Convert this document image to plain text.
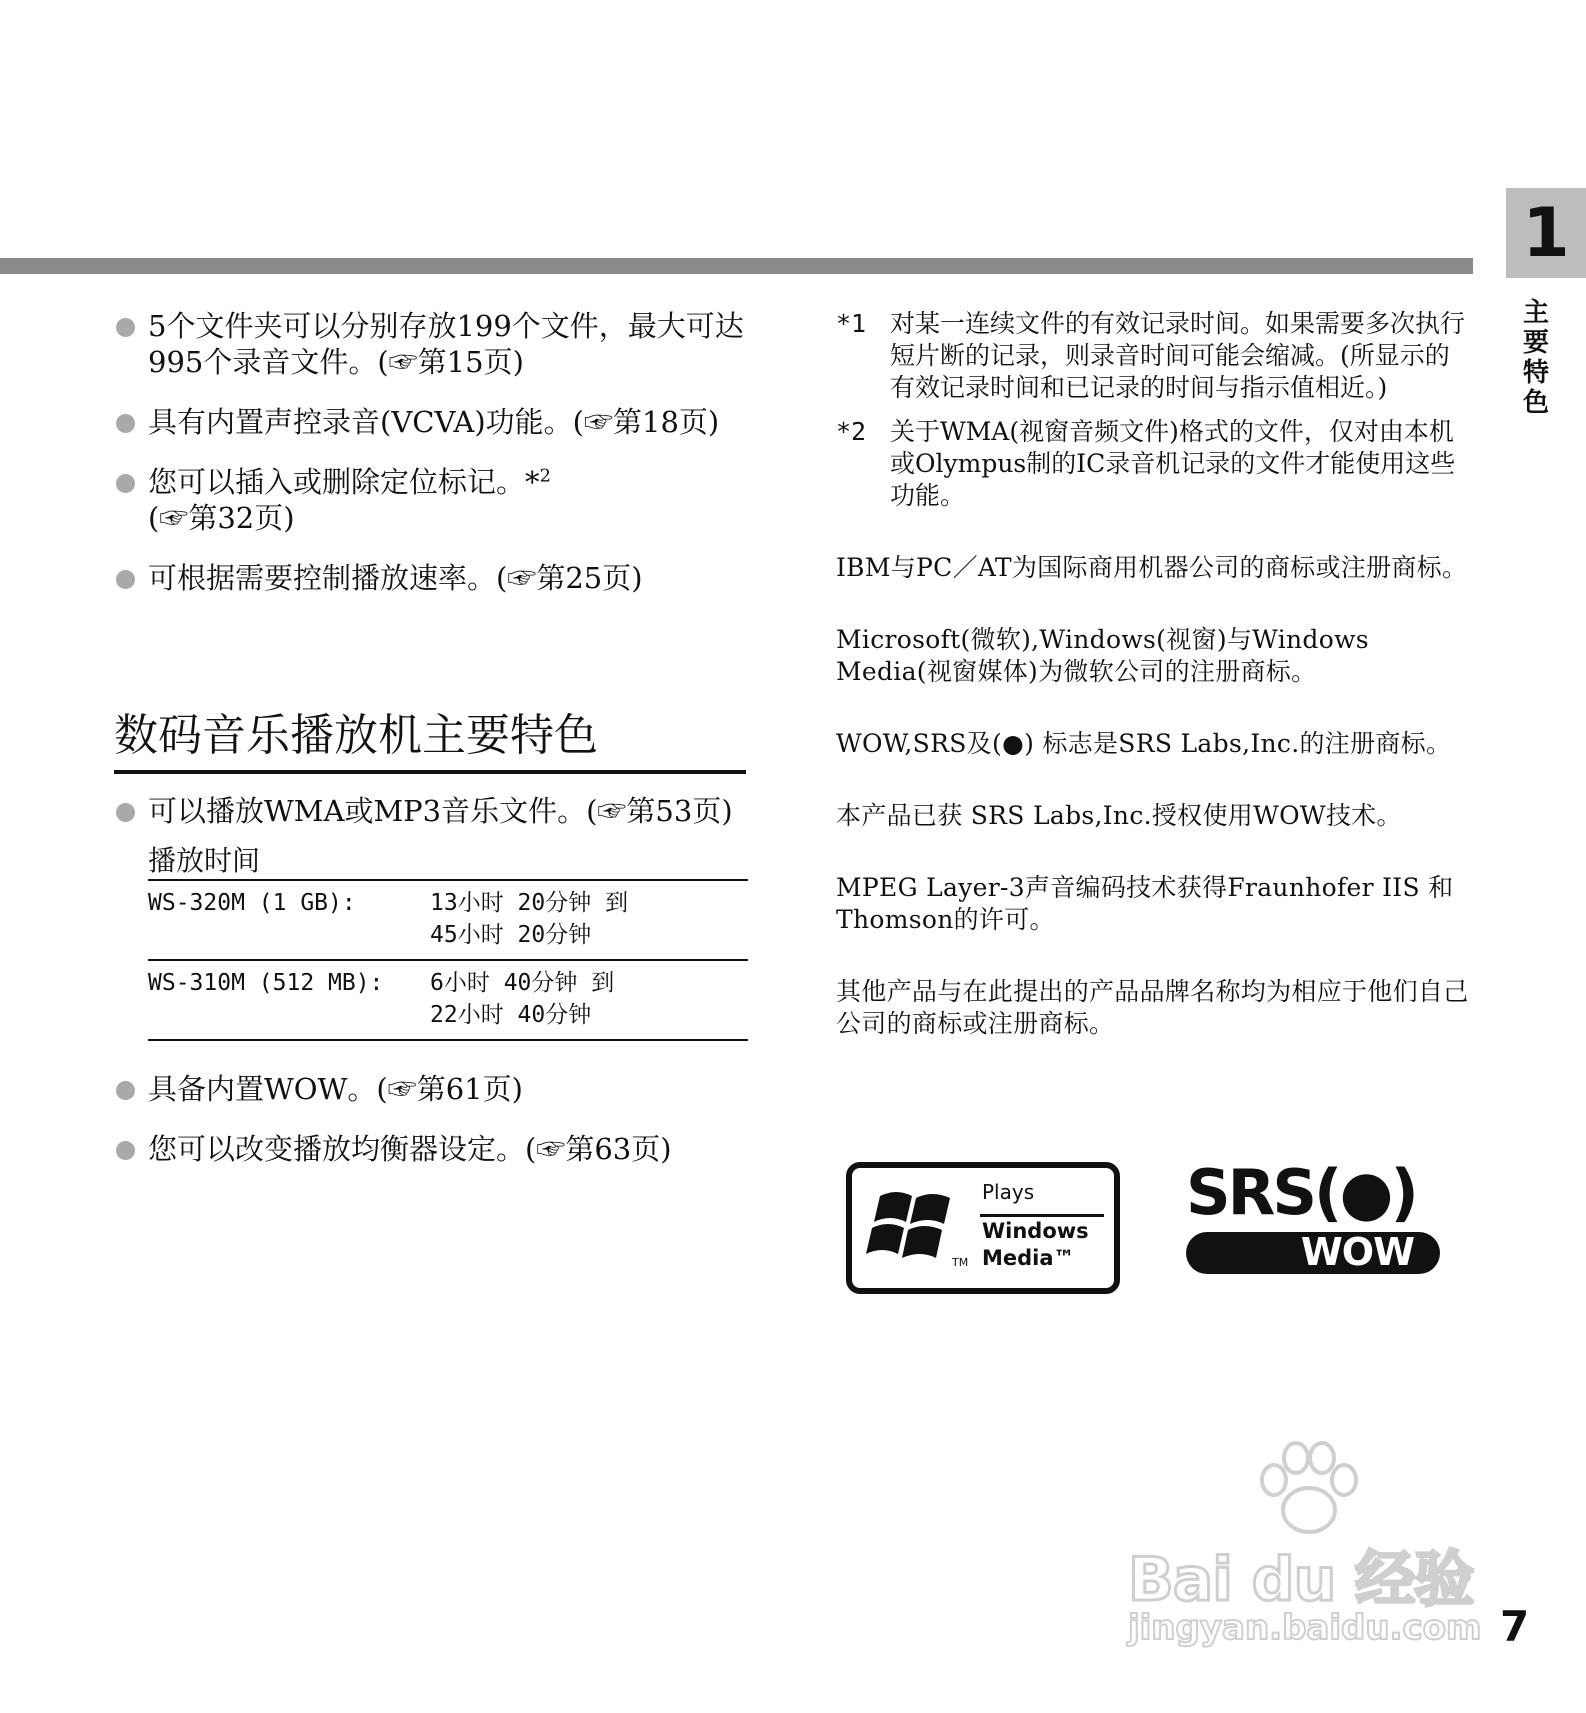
1
主要特色
5个文件夹可以分别存放199个文件，最大可达995个录音文件。(☞第15页)
具有内置声控录音(VCVA)功能。(☞第18页)
您可以插入或删除定位标记。*$^2$
(☞第32页)
可根据需要控制播放速率。(☞第25页)
数码音乐播放机主要特色
可以播放WMA或MP3音乐文件。(☞第53页)
播放时间
WS-320M (1 GB):	13小时 20分钟 到
45小时 20分钟
WS-310M (512 MB):	6小时 40分钟 到
22小时 40分钟
具备内置WOW。(☞第61页)
您可以改变播放均衡器设定。(☞第63页)
*1 对某一连续文件的有效记录时间。如果需要多次执行短片断的记录，则录音时间可能会缩减。(所显示的有效记录时间和已记录的时间与指示值相近。)
*2 关于WMA(视窗音频文件)格式的文件，仅对由本机或Olympus制的IC录音机记录的文件才能使用这些功能。
IBM与PC／AT为国际商用机器公司的商标或注册商标。
Microsoft(微软),Windows(视窗)与Windows Media(视窗媒体)为微软公司的注册商标。
WOW,SRS及(●) 标志是SRS Labs,Inc.的注册商标。
本产品已获 SRS Labs,Inc.授权使用WOW技术。
MPEG Layer-3声音编码技术获得Fraunhofer IIS 和Thomson的许可。
其他产品与在此提出的产品品牌名称均为相应于他们自己公司的商标或注册商标。
Plays
Windows
Media™
TM
SRS(●)
WOW
Bai du 经验
jingyan.baidu.com 7
